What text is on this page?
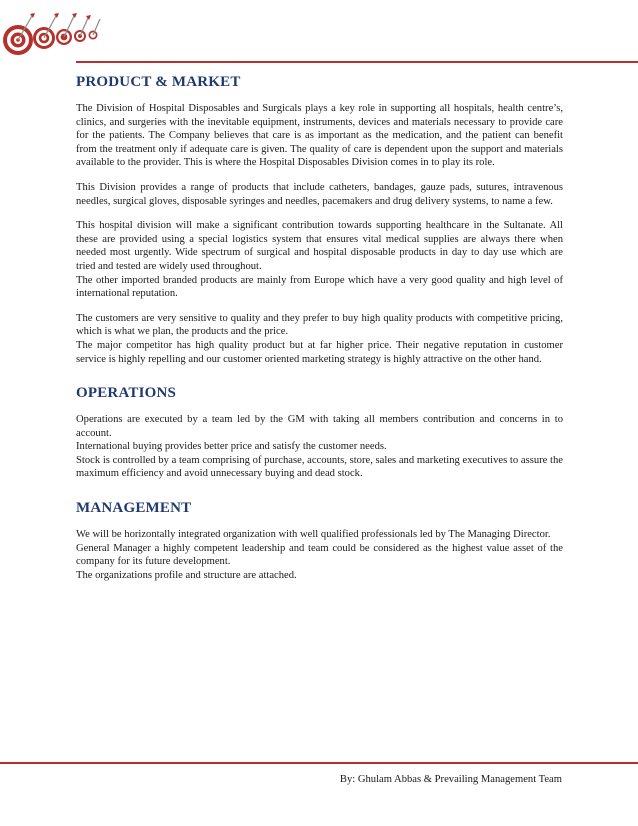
PRODUCT & MARKET

The Division of Hospital Disposables and Surgicals plays a key role in supporting all hospitals, health centre’s, clinics, and surgeries with the inevitable equipment, instruments, devices and materials necessary to provide care for the patients. The Company believes that care is as important as the medication, and the patient can benefit from the treatment only if adequate care is given. The quality of care is dependent upon the support and materials available to the provider. This is where the Hospital Disposables Division comes in to play its role.

This Division provides a range of products that include catheters, bandages, gauze pads, sutures, intravenous needles, surgical gloves, disposable syringes and needles, pacemakers and drug delivery systems, to name a few.

This hospital division will make a significant contribution towards supporting healthcare in the Sultanate. All these are provided using a special logistics system that ensures vital medical supplies are always there when needed most urgently. Wide spectrum of surgical and hospital disposable products in day to day use which are tried and tested are widely used throughout.

The other imported branded products are mainly from Europe which have a very good quality and high level of international reputation.

The customers are very sensitive to quality and they prefer to buy high quality products with competitive pricing, which is what we plan, the products and the price.

The major competitor has high quality product but at far higher price. Their negative reputation in customer service is highly repelling and our customer oriented marketing strategy is highly attractive on the other hand.

OPERATIONS

Operations are executed by a team led by the GM with taking all members contribution and concerns in to account.

International buying provides better price and satisfy the customer needs.

Stock is controlled by a team comprising of purchase, accounts, store, sales and marketing executives to assure the maximum efficiency and avoid unnecessary buying and dead stock.

MANAGEMENT

We will be horizontally integrated organization with well qualified professionals led by The Managing Director.

General Manager a highly competent leadership and team could be considered as the highest value asset of the company for its future development.

The organizations profile and structure are attached.

By: Ghulam Abbas & Prevailing Management Team
